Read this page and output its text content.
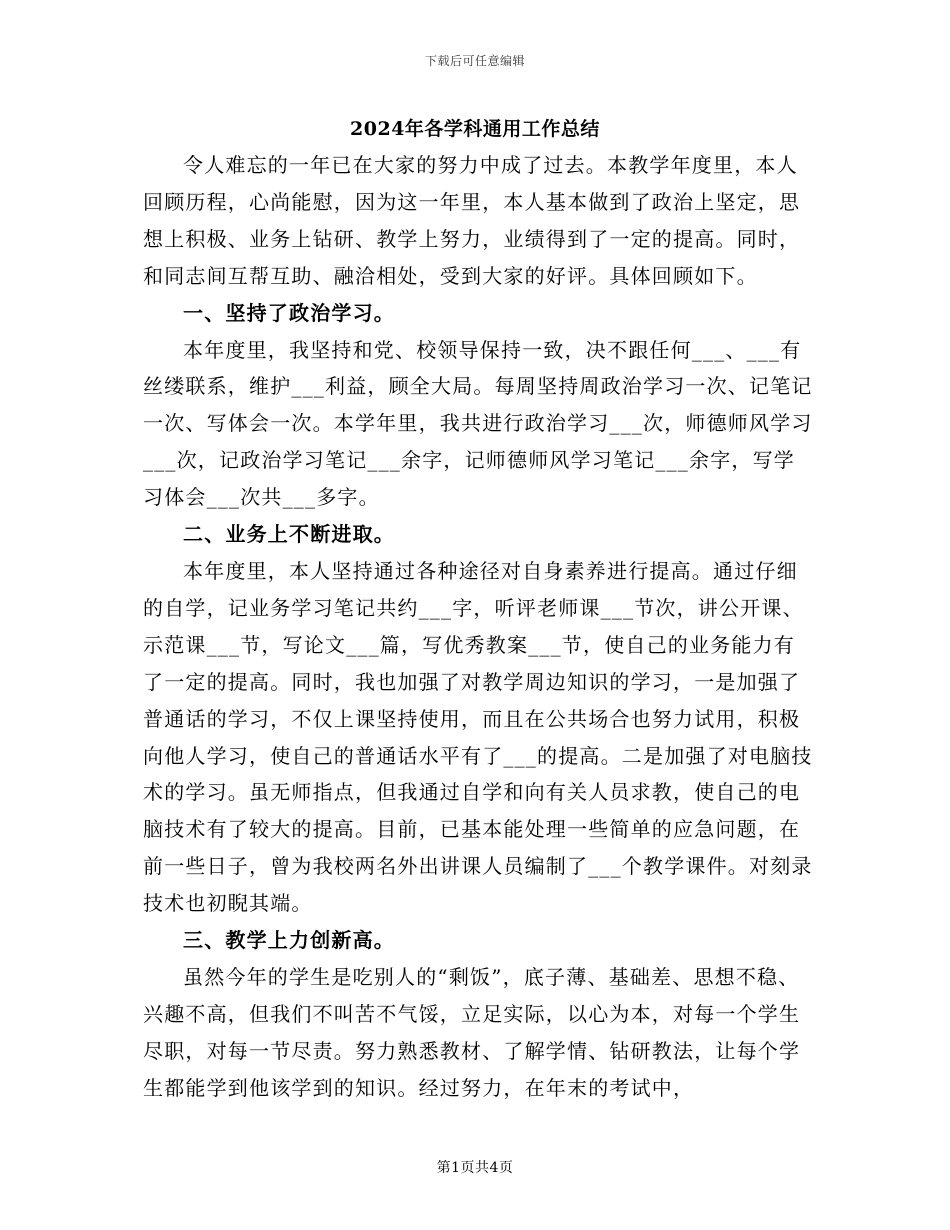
下载后可任意编辑
2024年各学科通用工作总结

令人难忘的一年已在大家的努力中成了过去。本教学年度里，本人回顾历程，心尚能慰，因为这一年里，本人基本做到了政治上坚定，思想上积极、业务上钻研、教学上努力，业绩得到了一定的提高。同时，和同志间互帮互助、融洽相处，受到大家的好评。具体回顾如下。

一、坚持了政治学习。

本年度里，我坚持和党、校领导保持一致，决不跟任何___、___有丝缕联系，维护___利益，顾全大局。每周坚持周政治学习一次、记笔记一次、写体会一次。本学年里，我共进行政治学习___次，师德师风学习___次，记政治学习笔记___余字，记师德师风学习笔记___余字，写学习体会___次共___多字。

二、业务上不断进取。

本年度里，本人坚持通过各种途径对自身素养进行提高。通过仔细的自学，记业务学习笔记共约___字，听评老师课___节次，讲公开课、示范课___节，写论文___篇，写优秀教案___节，使自己的业务能力有了一定的提高。同时，我也加强了对教学周边知识的学习，一是加强了普通话的学习，不仅上课坚持使用，而且在公共场合也努力试用，积极向他人学习，使自己的普通话水平有了___的提高。二是加强了对电脑技术的学习。虽无师指点，但我通过自学和向有关人员求教，使自己的电脑技术有了较大的提高。目前，已基本能处理一些简单的应急问题，在前一些日子，曾为我校两名外出讲课人员编制了___个教学课件。对刻录技术也初睨其端。

三、教学上力创新高。

虽然今年的学生是吃别人的“剩饭”，底子薄、基础差、思想不稳、兴趣不高，但我们不叫苦不气馁，立足实际，以心为本，对每一个学生尽职，对每一节尽责。努力熟悉教材、了解学情、钻研教法，让每个学生都能学到他该学到的知识。经过努力，在年末的考试中，

第1页共4页
